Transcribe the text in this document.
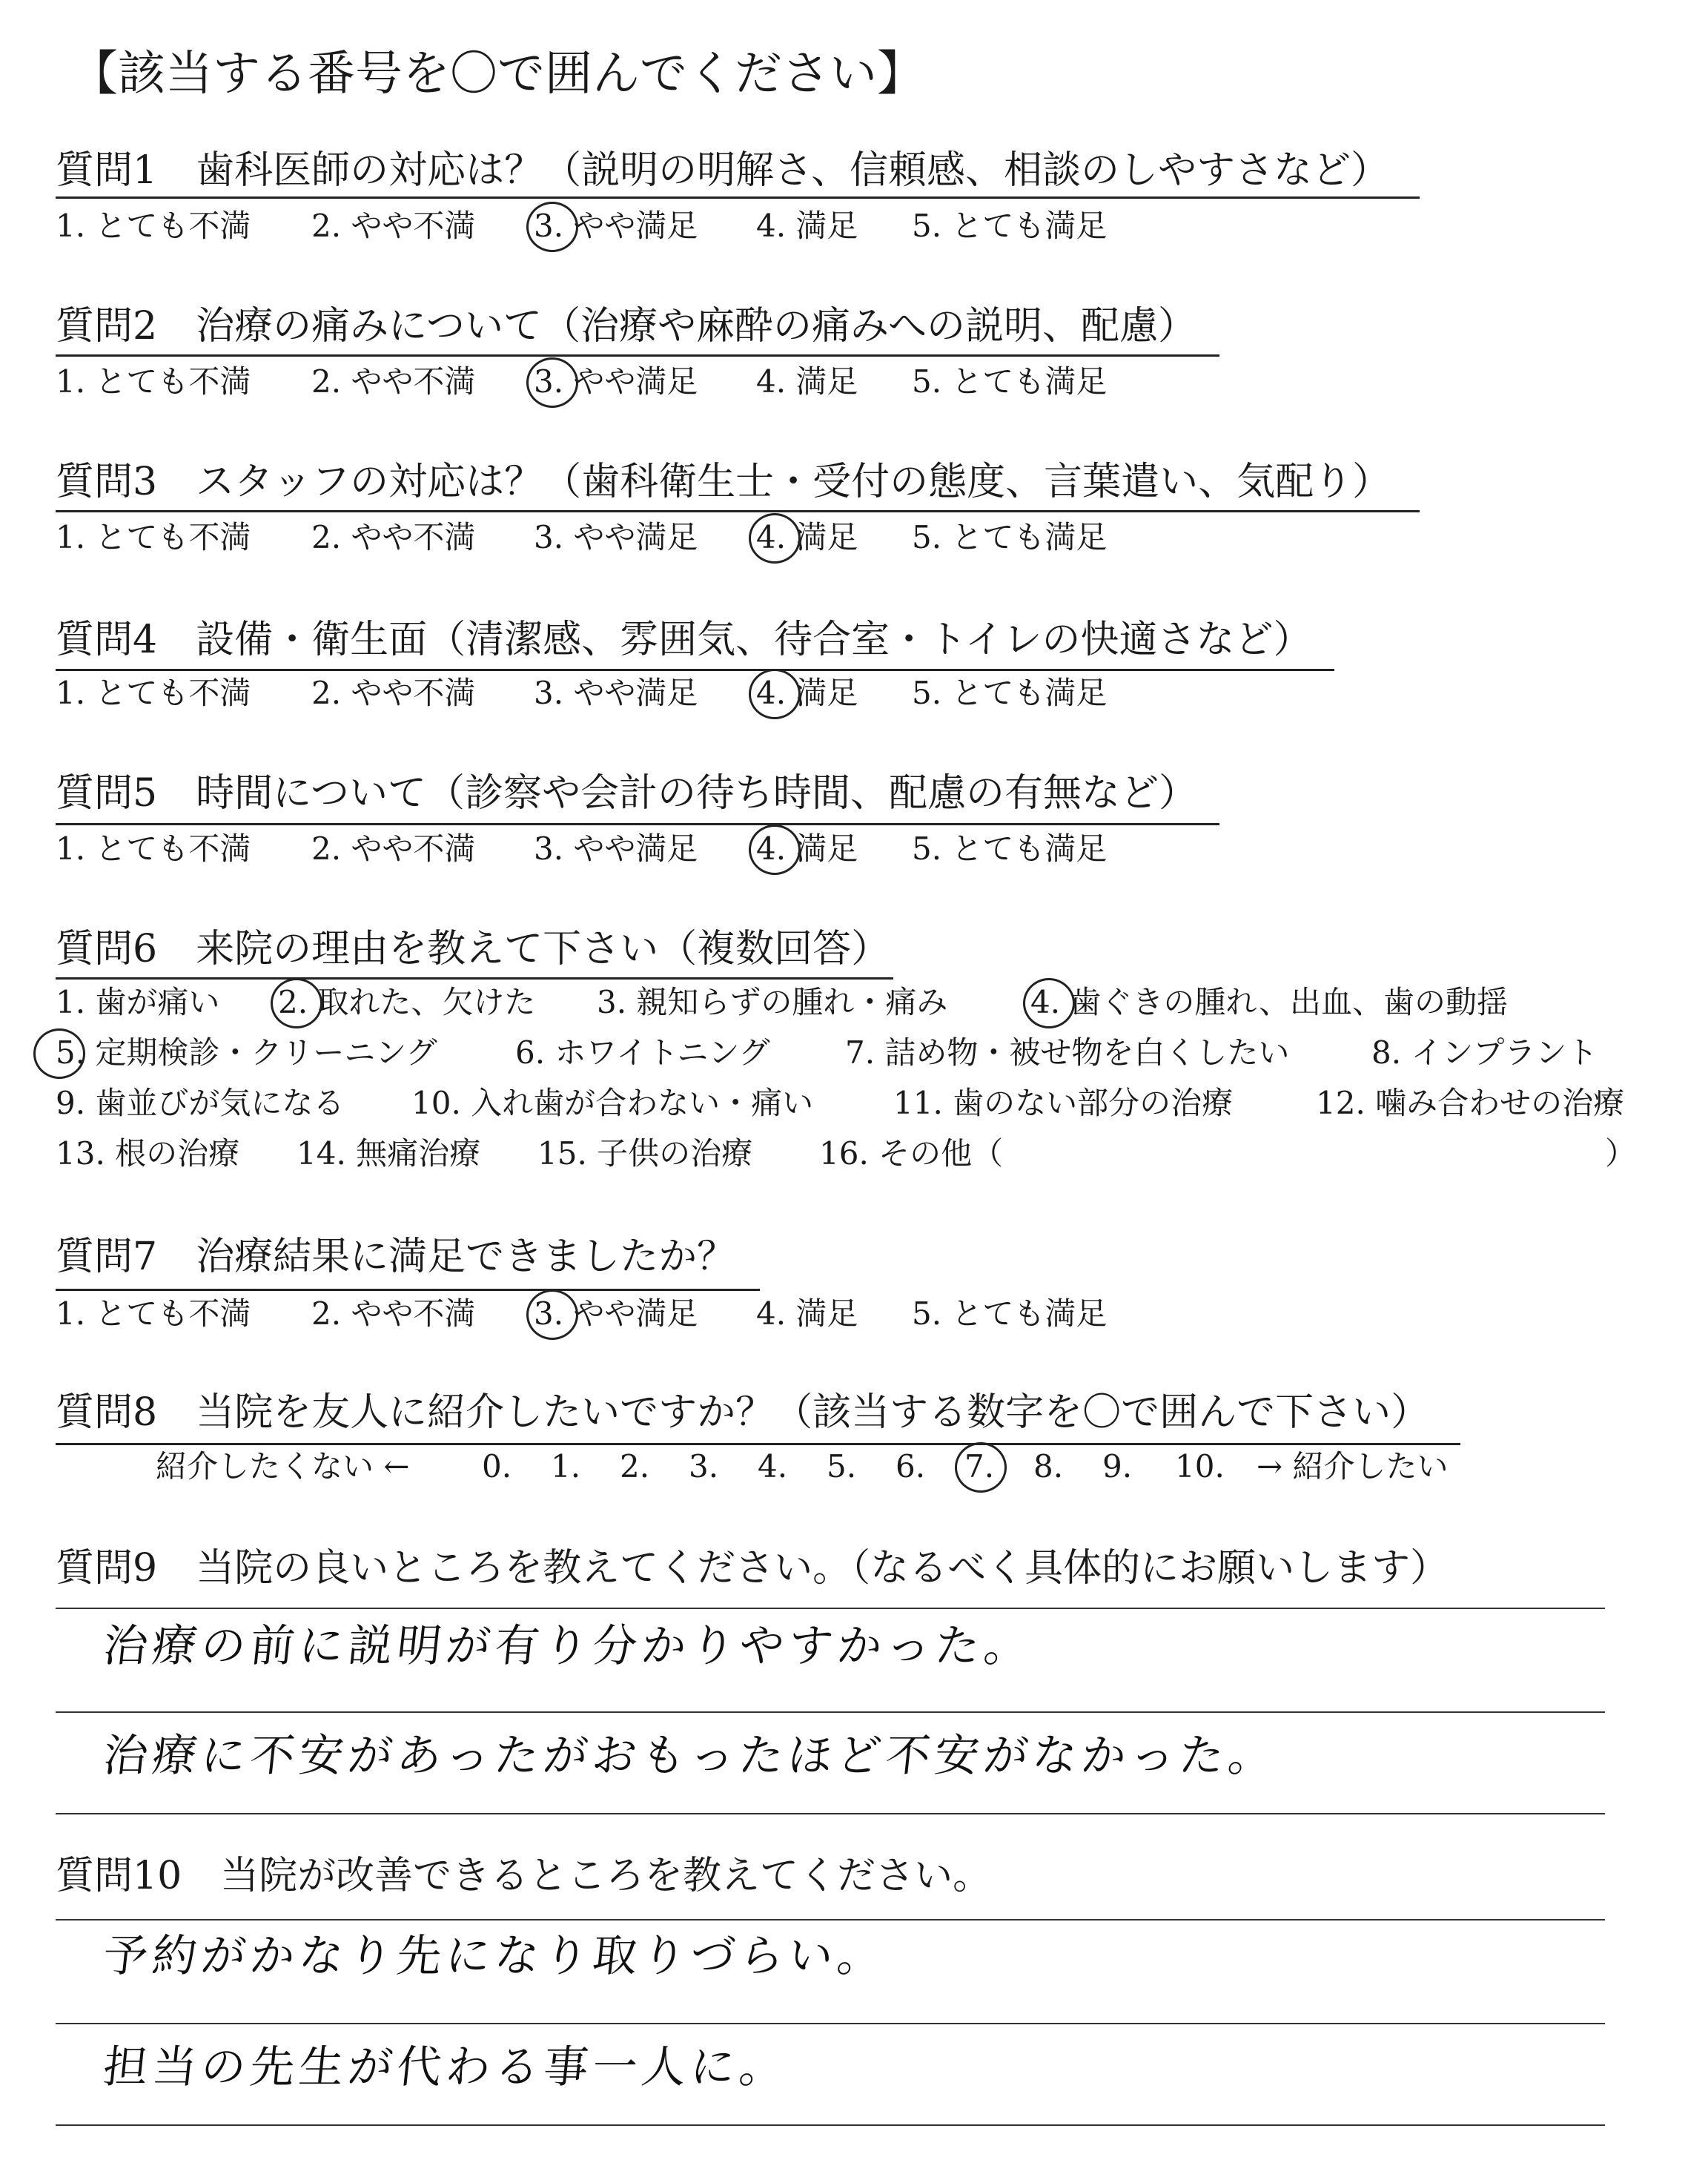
【該当する番号を〇で囲んでください】
質問1　歯科医師の対応は？（説明の明解さ、信頼感、相談のしやすさなど）
1. とても不満 2. やや不満 3. やや満足 4. 満足 5. とても満足
質問2　治療の痛みについて（治療や麻酔の痛みへの説明、配慮）
1. とても不満 2. やや不満 3. やや満足 4. 満足 5. とても満足
質問3　スタッフの対応は？（歯科衛生士・受付の態度、言葉遣い、気配り）
1. とても不満 2. やや不満 3. やや満足 4. 満足 5. とても満足
質問4　設備・衛生面（清潔感、雰囲気、待合室・トイレの快適さなど）
1. とても不満 2. やや不満 3. やや満足 4. 満足 5. とても満足
質問5　時間について（診察や会計の待ち時間、配慮の有無など）
1. とても不満 2. やや不満 3. やや満足 4. 満足 5. とても満足
質問6　来院の理由を教えて下さい（複数回答）
1. 歯が痛い 2. 取れた、欠けた 3. 親知らずの腫れ・痛み	4. 歯ぐきの腫れ、出血、歯の動揺
5. 定期検診・クリーニング	6. ホワイトニング 7. 詰め物・被せ物を白くしたい	8. インプラント
9. 歯並びが気になる 10. 入れ歯が合わない・痛い	11. 歯のない部分の治療	12. 噛み合わせの治療
13. 根の治療 14. 無痛治療 15. 子供の治療 16. その他（	）
質問7　治療結果に満足できましたか？
1. とても不満 2. やや不満 3. やや満足 4. 満足 5. とても満足
質問8　当院を友人に紹介したいですか？（該当する数字を〇で囲んで下さい）
紹介したくない ← 0. 1. 2. 3. 4. 5. 6. 7. 8. 9. 10. → 紹介したい
質問9　当院の良いところを教えてください。（なるべく具体的にお願いします）
治療の前に説明が有り分かりやすかった。
治療に不安があったがおもったほど不安がなかった。
質問10　当院が改善できるところを教えてください。
予約がかなり先になり取りづらい。
担当の先生が代わる事一人に。
